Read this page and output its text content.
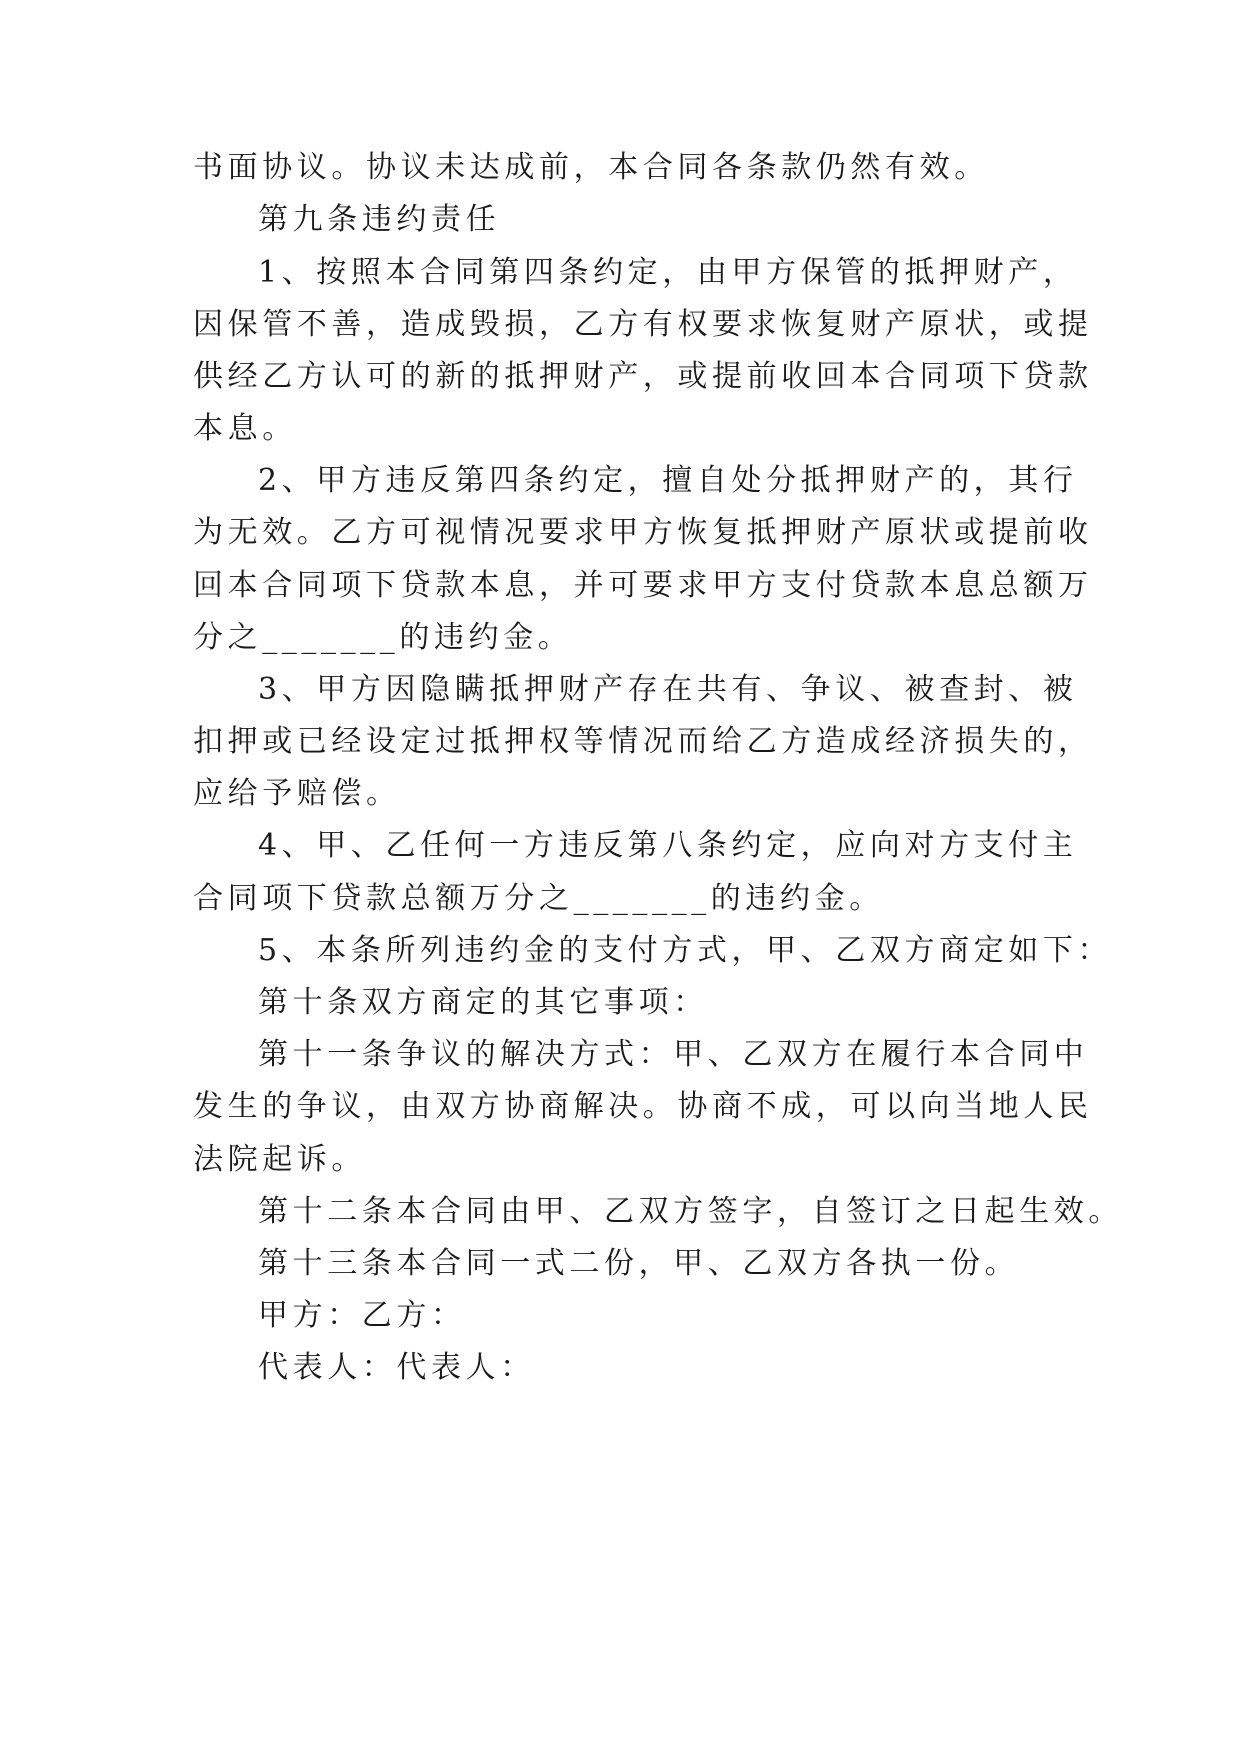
书面协议。协议未达成前，本合同各条款仍然有效。
第九条违约责任
1、按照本合同第四条约定，由甲方保管的抵押财产，
因保管不善，造成毁损，乙方有权要求恢复财产原状，或提
供经乙方认可的新的抵押财产，或提前收回本合同项下贷款
本息。
2、甲方违反第四条约定，擅自处分抵押财产的，其行
为无效。乙方可视情况要求甲方恢复抵押财产原状或提前收
回本合同项下贷款本息，并可要求甲方支付贷款本息总额万
分之_______的违约金。
3、甲方因隐瞒抵押财产存在共有、争议、被查封、被
扣押或已经设定过抵押权等情况而给乙方造成经济损失的，
应给予赔偿。
4、甲、乙任何一方违反第八条约定，应向对方支付主
合同项下贷款总额万分之_______的违约金。
5、本条所列违约金的支付方式，甲、乙双方商定如下：
第十条双方商定的其它事项：
第十一条争议的解决方式：甲、乙双方在履行本合同中
发生的争议，由双方协商解决。协商不成，可以向当地人民
法院起诉。
第十二条本合同由甲、乙双方签字，自签订之日起生效。
第十三条本合同一式二份，甲、乙双方各执一份。
甲方：乙方：
代表人：代表人：
